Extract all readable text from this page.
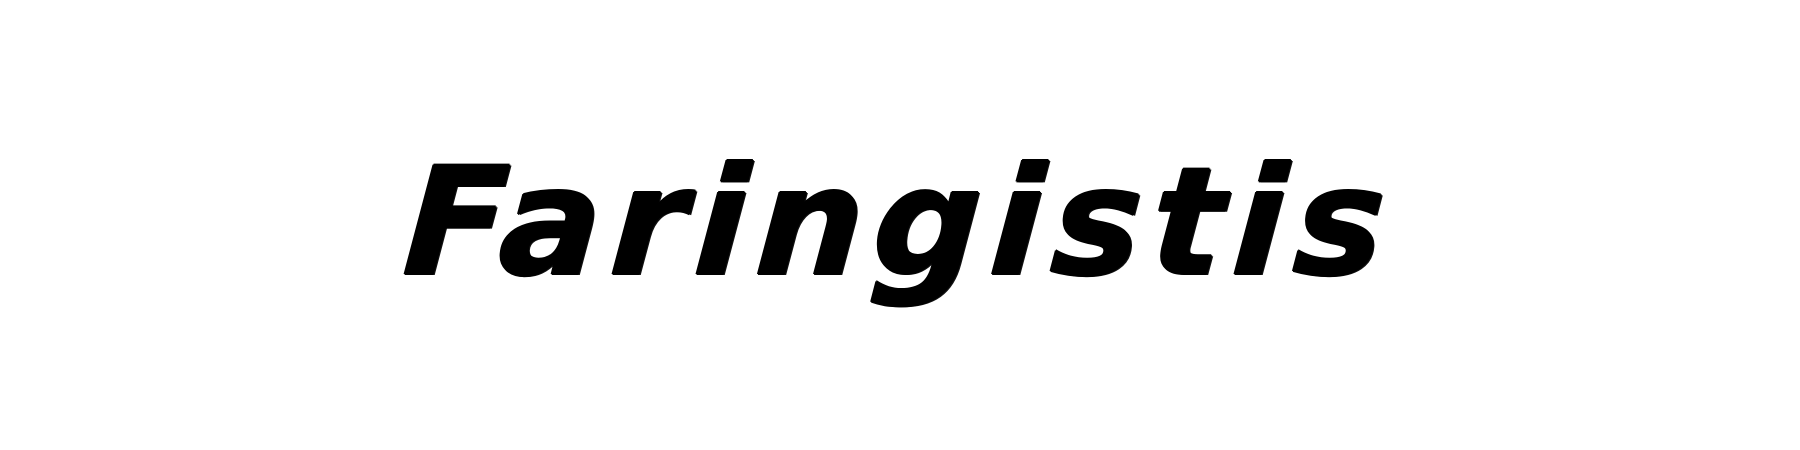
Faringistis
